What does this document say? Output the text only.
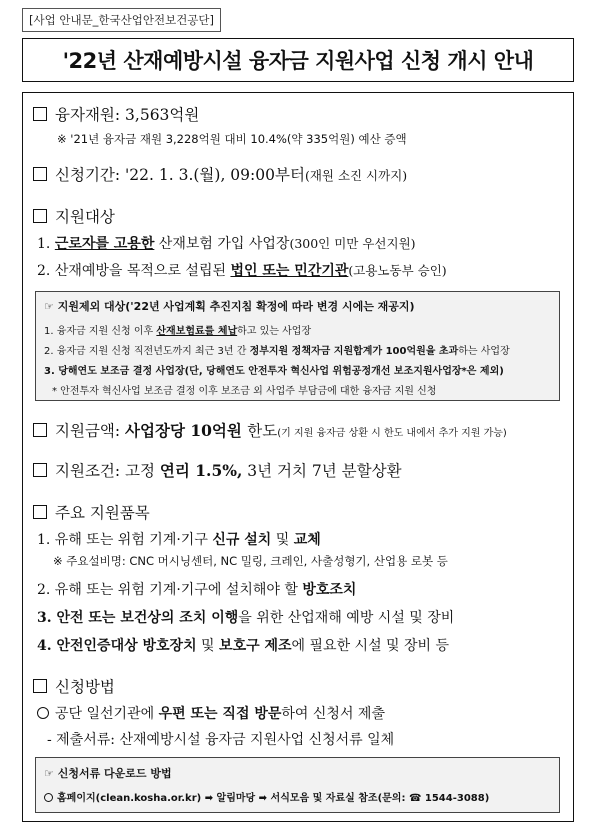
[사업 안내문_한국산업안전보건공단]
'22년 산재예방시설 융자금 지원사업 신청 개시 안내
융자재원: 3,563억원
※ '21년 융자금 재원 3,228억원 대비 10.4%(약 335억원) 예산 증액
신청기간: '22. 1. 3.(월), 09:00부터(재원 소진 시까지)
지원대상
1. 근로자를 고용한 산재보험 가입 사업장(300인 미만 우선지원)
2. 산재예방을 목적으로 설립된 법인 또는 민간기관(고용노동부 승인)
☞ 지원제외 대상('22년 사업계획 추진지침 확정에 따라 변경 시에는 재공지)
1. 융자금 지원 신청 이후 산재보험료를 체납하고 있는 사업장
2. 융자금 지원 신청 직전년도까지 최근 3년 간 정부지원 정책자금 지원합계가 100억원을 초과하는 사업장
3. 당해연도 보조금 결정 사업장(단, 당해연도 안전투자 혁신사업 위험공정개선 보조지원사업장*은 제외)
* 안전투자 혁신사업 보조금 결정 이후 보조금 외 사업주 부담금에 대한 융자금 지원 신청
지원금액: 사업장당 10억원 한도(기 지원 융자금 상환 시 한도 내에서 추가 지원 가능)
지원조건: 고정 연리 1.5%, 3년 거치 7년 분할상환
주요 지원품목
1. 유해 또는 위험 기계·기구 신규 설치 및 교체
※ 주요설비명: CNC 머시닝센터, NC 밀링, 크레인, 사출성형기, 산업용 로봇 등
2. 유해 또는 위험 기계·기구에 설치해야 할 방호조치
3. 안전 또는 보건상의 조치 이행을 위한 산업재해 예방 시설 및 장비
4. 안전인증대상 방호장치 및 보호구 제조에 필요한 시설 및 장비 등
신청방법
공단 일선기관에 우편 또는 직접 방문하여 신청서 제출
- 제출서류: 산재예방시설 융자금 지원사업 신청서류 일체
☞ 신청서류 다운로드 방법
홈페이지(clean.kosha.or.kr) ➡ 알림마당 ➡ 서식모음 및 자료실 참조(문의: ☎ 1544-3088)
